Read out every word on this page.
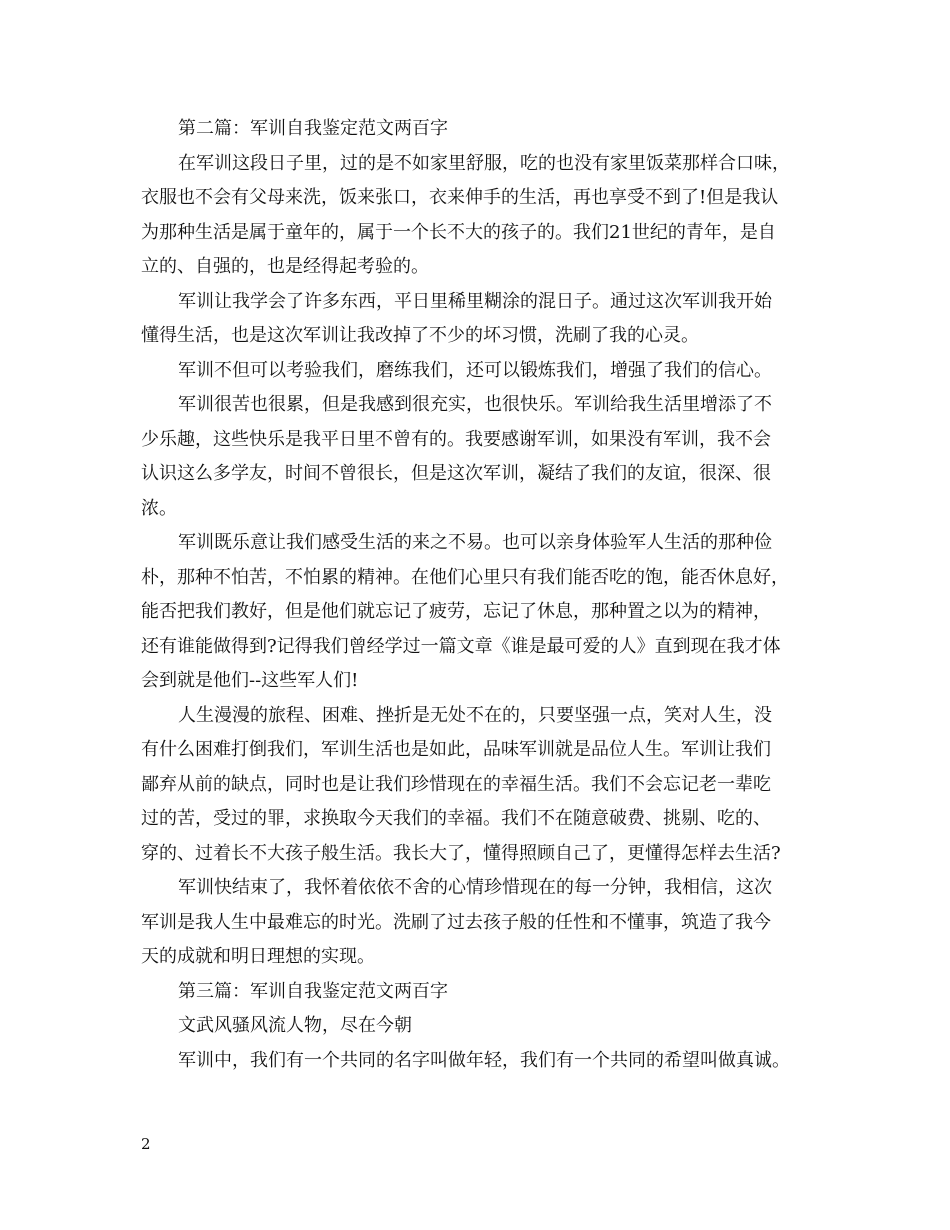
第二篇：军训自我鉴定范文两百字
在军训这段日子里，过的是不如家里舒服，吃的也没有家里饭菜那样合口味，
衣服也不会有父母来洗，饭来张口，衣来伸手的生活，再也享受不到了!但是我认
为那种生活是属于童年的，属于一个长不大的孩子的。我们21世纪的青年，是自
立的、自强的，也是经得起考验的。
军训让我学会了许多东西，平日里稀里糊涂的混日子。通过这次军训我开始
懂得生活，也是这次军训让我改掉了不少的坏习惯，洗刷了我的心灵。
军训不但可以考验我们，磨练我们，还可以锻炼我们，增强了我们的信心。
军训很苦也很累，但是我感到很充实，也很快乐。军训给我生活里增添了不
少乐趣，这些快乐是我平日里不曾有的。我要感谢军训，如果没有军训，我不会
认识这么多学友，时间不曾很长，但是这次军训，凝结了我们的友谊，很深、很
浓。
军训既乐意让我们感受生活的来之不易。也可以亲身体验军人生活的那种俭
朴，那种不怕苦，不怕累的精神。在他们心里只有我们能否吃的饱，能否休息好，
能否把我们教好，但是他们就忘记了疲劳，忘记了休息，那种置之以为的精神，
还有谁能做得到?记得我们曾经学过一篇文章《谁是最可爱的人》直到现在我才体
会到就是他们--这些军人们!
人生漫漫的旅程、困难、挫折是无处不在的，只要坚强一点，笑对人生，没
有什么困难打倒我们，军训生活也是如此，品味军训就是品位人生。军训让我们
鄙弃从前的缺点，同时也是让我们珍惜现在的幸福生活。我们不会忘记老一辈吃
过的苦，受过的罪，求换取今天我们的幸福。我们不在随意破费、挑剔、吃的、
穿的、过着长不大孩子般生活。我长大了，懂得照顾自己了，更懂得怎样去生活?
军训快结束了，我怀着依依不舍的心情珍惜现在的每一分钟，我相信，这次
军训是我人生中最难忘的时光。洗刷了过去孩子般的任性和不懂事，筑造了我今
天的成就和明日理想的实现。
第三篇：军训自我鉴定范文两百字
文武风骚风流人物，尽在今朝
军训中，我们有一个共同的名字叫做年轻，我们有一个共同的希望叫做真诚。
2
